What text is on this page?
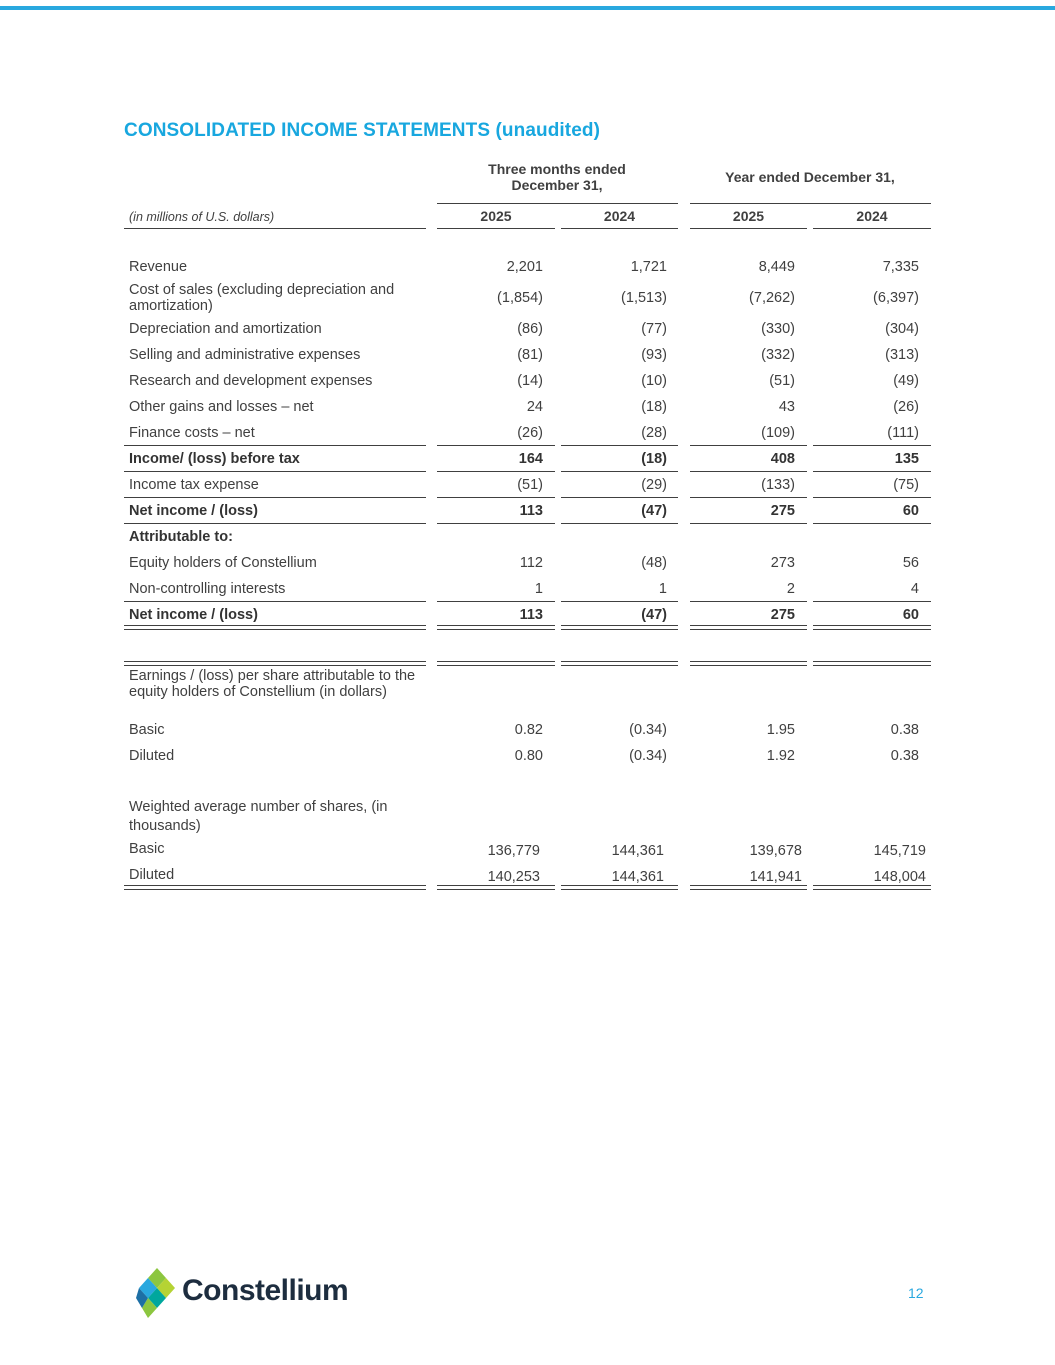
CONSOLIDATED INCOME STATEMENTS (unaudited)
Three months ended December 31,	Year ended December 31,
(in millions of U.S. dollars)	2025	2024	2025	2024
Revenue	2,201	1,721	8,449	7,335
Cost of sales (excluding depreciation and amortization)	(1,854)	(1,513)	(7,262)	(6,397)
Depreciation and amortization	(86)	(77)	(330)	(304)
Selling and administrative expenses	(81)	(93)	(332)	(313)
Research and development expenses	(14)	(10)	(51)	(49)
Other gains and losses – net	24	(18)	43	(26)
Finance costs – net	(26)	(28)	(109)	(111)
Income/ (loss) before tax	164	(18)	408	135
Income tax expense	(51)	(29)	(133)	(75)
Net income / (loss)	113	(47)	275	60
Attributable to:
Equity holders of Constellium	112	(48)	273	56
Non-controlling interests	1	1	2	4
Net income / (loss)	113	(47)	275	60
Earnings / (loss) per share attributable to the equity holders of Constellium (in dollars)
Basic	0.82	(0.34)	1.95	0.38
Diluted	0.80	(0.34)	1.92	0.38
Weighted average number of shares, (in thousands)
Basic	136,779	144,361	139,678	145,719
Diluted	140,253	144,361	141,941	148,004
Constellium	12
